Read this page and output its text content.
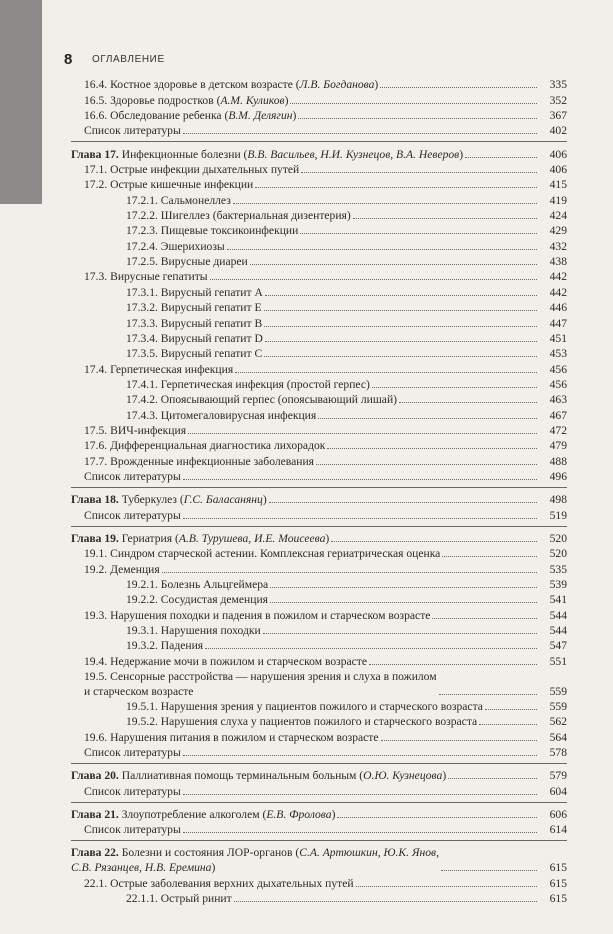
8 ОГЛАВЛЕНИЕ
16.4. Костное здоровье в детском возрасте (Л.В. Богданова)	335
16.5. Здоровье подростков (А.М. Куликов)	352
16.6. Обследование ребенка (В.М. Делягин)	367
Список литературы	402
Глава 17. Инфекционные болезни (В.В. Васильев, Н.И. Кузнецов, В.А. Неверов)	406
17.1. Острые инфекции дыхательных путей	406
17.2. Острые кишечные инфекции	415
17.2.1. Сальмонеллез	419
17.2.2. Шигеллез (бактериальная дизентерия)	424
17.2.3. Пищевые токсикоинфекции	429
17.2.4. Эшерихиозы	432
17.2.5. Вирусные диареи	438
17.3. Вирусные гепатиты	442
17.3.1. Вирусный гепатит A	442
17.3.2. Вирусный гепатит E	446
17.3.3. Вирусный гепатит B	447
17.3.4. Вирусный гепатит D	451
17.3.5. Вирусный гепатит C	453
17.4. Герпетическая инфекция	456
17.4.1. Герпетическая инфекция (простой герпес)	456
17.4.2. Опоясывающий герпес (опоясывающий лишай)	463
17.4.3. Цитомегаловирусная инфекция	467
17.5. ВИЧ-инфекция	472
17.6. Дифференциальная диагностика лихорадок	479
17.7. Врожденные инфекционные заболевания	488
Список литературы	496
Глава 18. Туберкулез (Г.С. Баласанянц)	498
Список литературы	519
Глава 19. Гериатрия (А.В. Турушева, И.Е. Моисеева)	520
19.1. Синдром старческой астении. Комплексная гериатрическая оценка	520
19.2. Деменция	535
19.2.1. Болезнь Альцгеймера	539
19.2.2. Сосудистая деменция	541
19.3. Нарушения походки и падения в пожилом и старческом возрасте	544
19.3.1. Нарушения походки	544
19.3.2. Падения	547
19.4. Недержание мочи в пожилом и старческом возрасте	551
19.5. Сенсорные расстройства — нарушения зрения и слуха в пожилом
и старческом возрасте	559
19.5.1. Нарушения зрения у пациентов пожилого и старческого возраста	559
19.5.2. Нарушения слуха у пациентов пожилого и старческого возраста	562
19.6. Нарушения питания в пожилом и старческом возрасте	564
Список литературы	578
Глава 20. Паллиативная помощь терминальным больным (О.Ю. Кузнецова)	579
Список литературы	604
Глава 21. Злоупотребление алкоголем (Е.В. Фролова)	606
Список литературы	614
Глава 22. Болезни и состояния ЛОР-органов (С.А. Артюшкин, Ю.К. Янов,
С.В. Рязанцев, Н.В. Еремина)	615
22.1. Острые заболевания верхних дыхательных путей	615
22.1.1. Острый ринит	615
